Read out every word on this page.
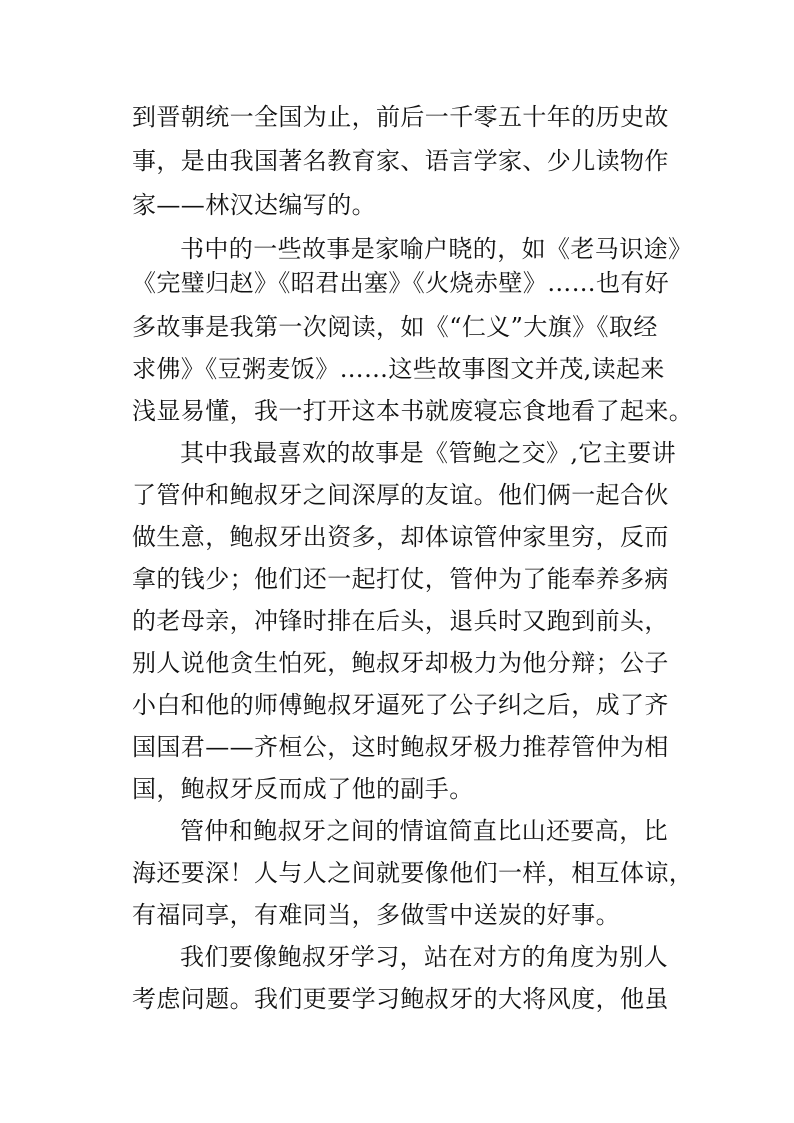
到晋朝统一全国为止，前后一千零五十年的历史故
事，是由我国著名教育家、语言学家、少儿读物作
家——林汉达编写的。
书中的一些故事是家喻户晓的，如《老马识途》
《完璧归赵》《昭君出塞》《火烧赤壁》……也有好
多故事是我第一次阅读，如《“仁义”大旗》《取经
求佛》《豆粥麦饭》……这些故事图文并茂,读起来
浅显易懂，我一打开这本书就废寝忘食地看了起来。
其中我最喜欢的故事是《管鲍之交》,它主要讲
了管仲和鲍叔牙之间深厚的友谊。他们俩一起合伙
做生意，鲍叔牙出资多，却体谅管仲家里穷，反而
拿的钱少；他们还一起打仗，管仲为了能奉养多病
的老母亲，冲锋时排在后头，退兵时又跑到前头，
别人说他贪生怕死，鲍叔牙却极力为他分辩；公子
小白和他的师傅鲍叔牙逼死了公子纠之后，成了齐
国国君——齐桓公，这时鲍叔牙极力推荐管仲为相
国，鲍叔牙反而成了他的副手。
管仲和鲍叔牙之间的情谊简直比山还要高，比
海还要深！人与人之间就要像他们一样，相互体谅，
有福同享，有难同当，多做雪中送炭的好事。
我们要像鲍叔牙学习，站在对方的角度为别人
考虑问题。我们更要学习鲍叔牙的大将风度，他虽
